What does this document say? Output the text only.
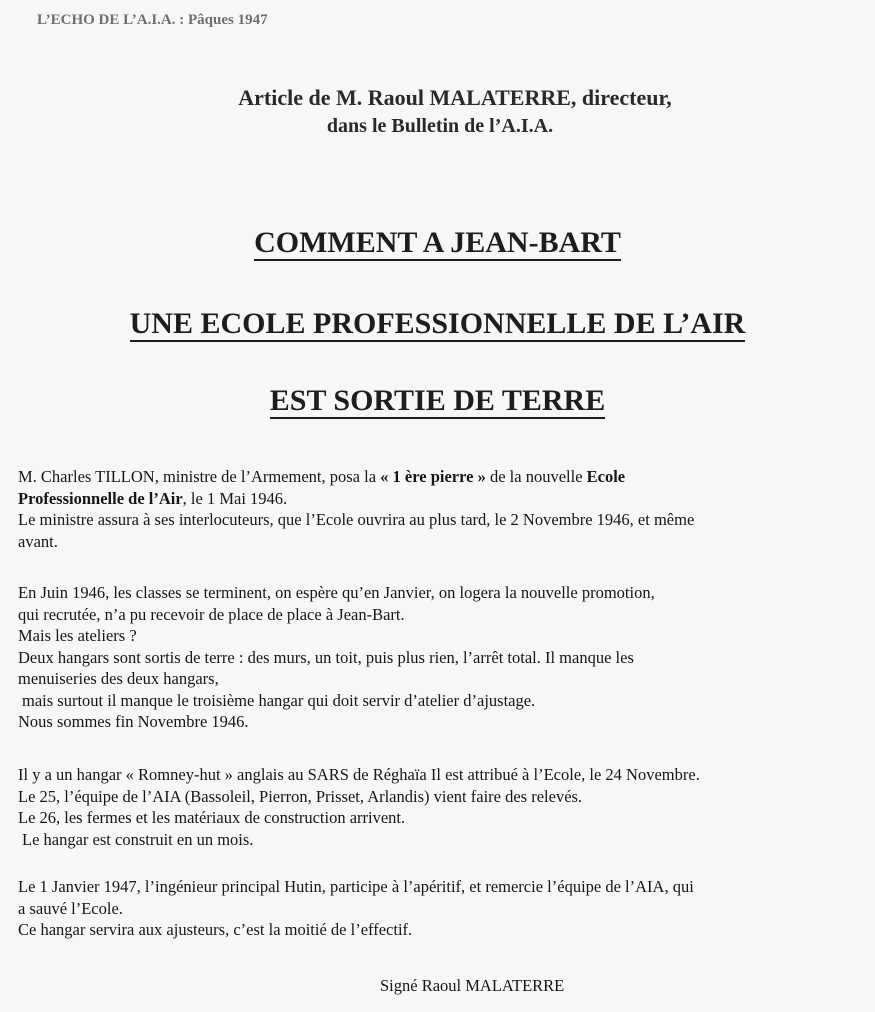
L’ECHO DE L’A.I.A. : Pâques 1947
Article de M. Raoul MALATERRE, directeur,
dans le Bulletin de l’A.I.A.
COMMENT A JEAN-BART
UNE ECOLE PROFESSIONNELLE DE L’AIR
EST SORTIE DE TERRE
M. Charles TILLON, ministre de l’Armement, posa la « 1 ère pierre » de la nouvelle Ecole
Professionnelle de l’Air, le 1 Mai 1946.
Le ministre assura à ses interlocuteurs, que l’Ecole ouvrira au plus tard, le 2 Novembre 1946, et même
avant.
En Juin 1946, les classes se terminent, on espère qu’en Janvier, on logera la nouvelle promotion,
qui recrutée, n’a pu recevoir de place de place à Jean-Bart.
Mais les ateliers ?
Deux hangars sont sortis de terre : des murs, un toit, puis plus rien, l’arrêt total. Il manque les
menuiseries des deux hangars,
mais surtout il manque le troisième hangar qui doit servir d’atelier d’ajustage.
Nous sommes fin Novembre 1946.
Il y a un hangar « Romney-hut » anglais au SARS de Réghaïa Il est attribué à l’Ecole, le 24 Novembre.
Le 25, l’équipe de l’AIA (Bassoleil, Pierron, Prisset, Arlandis) vient faire des relevés.
Le 26, les fermes et les matériaux de construction arrivent.
Le hangar est construit en un mois.
Le 1 Janvier 1947, l’ingénieur principal Hutin, participe à l’apéritif, et remercie l’équipe de l’AIA, qui
a sauvé l’Ecole.
Ce hangar servira aux ajusteurs, c’est la moitié de l’effectif.
Signé Raoul MALATERRE
